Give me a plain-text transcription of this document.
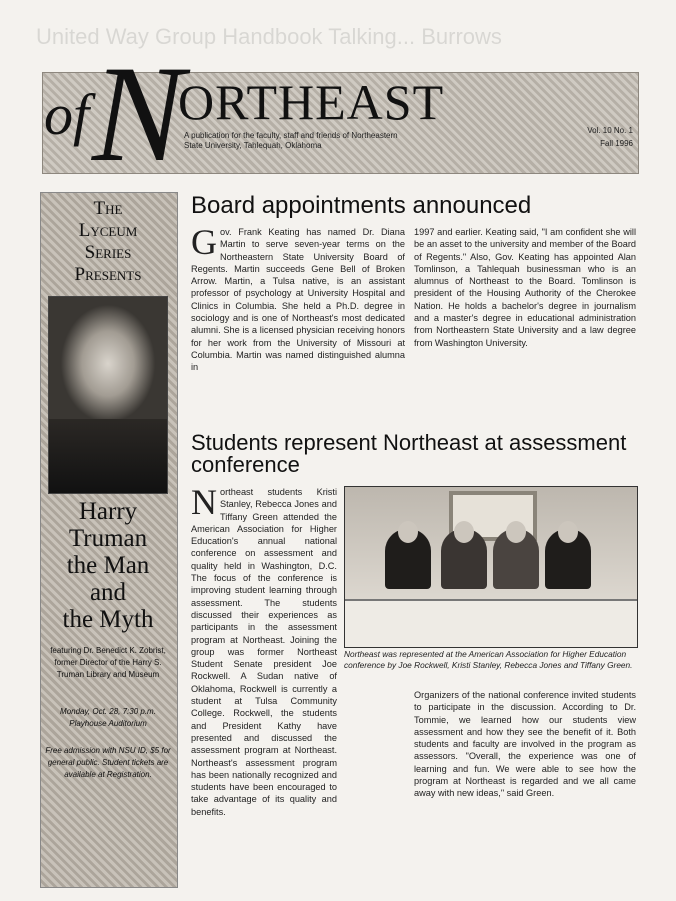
United Way Group Handbook Talking... Burrows
of N
ORTHEAST
A publication for the faculty, staff and friends of Northeastern
State University, Tahlequah, Oklahoma
Vol. 10 No. 1
Fall 1996
The
Lyceum
Series
Presents
Harry
Truman
the Man
and
the Myth
featuring Dr. Benedict K. Zobrist, former Director of the Harry S. Truman Library and Museum
Monday, Oct. 28, 7:30 p.m.
Playhouse Auditorium
Free admission with NSU ID, $5 for general public. Student tickets are available at Registration.
Board appointments announced
Gov. Frank Keating has named Dr. Diana Martin to serve seven-year terms on the Northeastern State University Board of Regents. Martin succeeds Gene Bell of Broken Arrow. Martin, a Tulsa native, is an assistant professor of psychology at University Hospital and Clinics in Columbia. She held a Ph.D. degree in sociology and is one of Northeast's most dedicated alumni. She is a licensed physician receiving honors for her work from the University of Missouri at Columbia. Martin was named distinguished alumna in
1997 and earlier. Keating said, "I am confident she will be an asset to the university and member of the Board of Regents." Also, Gov. Keating has appointed Alan Tomlinson, a Tahlequah businessman who is an alumnus of Northeast to the Board. Tomlinson is president of the Housing Authority of the Cherokee Nation. He holds a bachelor's degree in journalism and a master's degree in educational administration from Northeastern State University and a law degree from Washington University.
Students represent Northeast at assessment conference
Northeast students Kristi Stanley, Rebecca Jones and Tiffany Green attended the American Association for Higher Education's annual national conference on assessment and quality held in Washington, D.C. The focus of the conference is improving student learning through assessment. The students discussed their experiences as participants in the assessment program at Northeast. Joining the group was former Northeast Student Senate president Joe Rockwell. A Sudan native of Oklahoma, Rockwell is currently a student at Tulsa Community College. Rockwell, the students and President Kathy have presented and discussed the assessment program at Northeast. Northeast's assessment program has been nationally recognized and students have been encouraged to take advantage of its quality and benefits.
Northeast was represented at the American Association for Higher Education conference by Joe Rockwell, Kristi Stanley, Rebecca Jones and Tiffany Green.
Organizers of the national conference invited students to participate in the discussion. According to Dr. Tommie, we learned how our students view assessment and how they see the benefit of it. Both students and faculty are involved in the program as assessors. "Overall, the experience was one of learning and fun. We were able to see how the program at Northeast is regarded and we all came away with new ideas," said Green.
